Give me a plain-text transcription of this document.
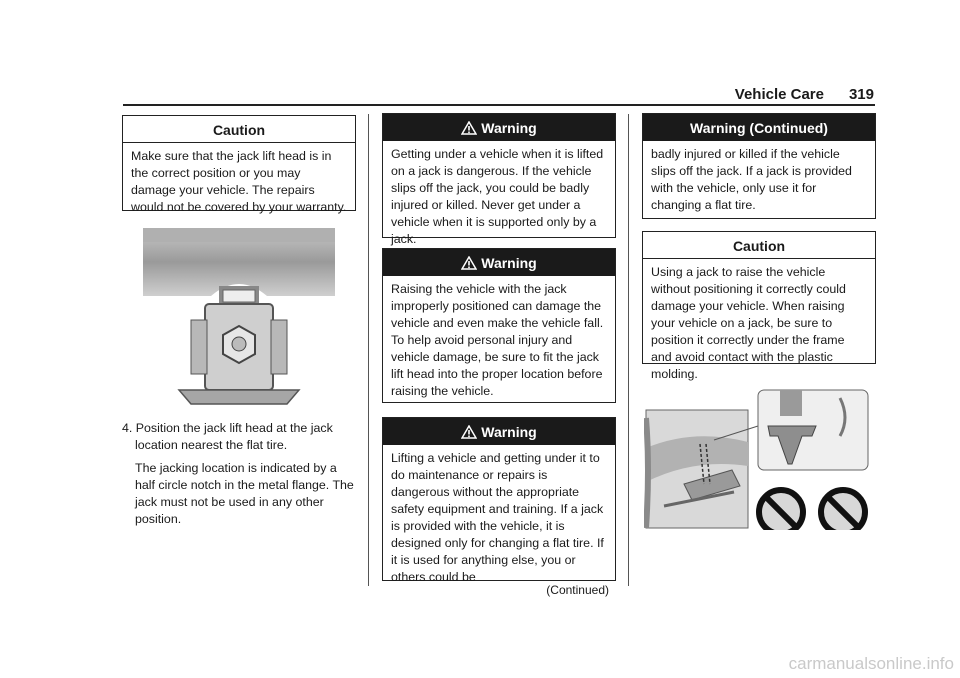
Vehicle Care 319
Caution
Make sure that the jack lift head is in the correct position or you may damage your vehicle. The repairs would not be covered by your warranty.
4. Position the jack lift head at the jack location nearest the flat tire.
The jacking location is indicated by a half circle notch in the metal flange. The jack must not be used in any other position.
Warning
Getting under a vehicle when it is lifted on a jack is dangerous. If the vehicle slips off the jack, you could be badly injured or killed. Never get under a vehicle when it is supported only by a jack.
Warning
Raising the vehicle with the jack improperly positioned can damage the vehicle and even make the vehicle fall. To help avoid personal injury and vehicle damage, be sure to fit the jack lift head into the proper location before raising the vehicle.
Warning
Lifting a vehicle and getting under it to do maintenance or repairs is dangerous without the appropriate safety equipment and training. If a jack is provided with the vehicle, it is designed only for changing a flat tire. If it is used for anything else, you or others could be
(Continued)
Warning (Continued)
badly injured or killed if the vehicle slips off the jack. If a jack is provided with the vehicle, only use it for changing a flat tire.
Caution
Using a jack to raise the vehicle without positioning it correctly could damage your vehicle. When raising your vehicle on a jack, be sure to position it correctly under the frame and avoid contact with the plastic molding.
carmanualsonline.info
